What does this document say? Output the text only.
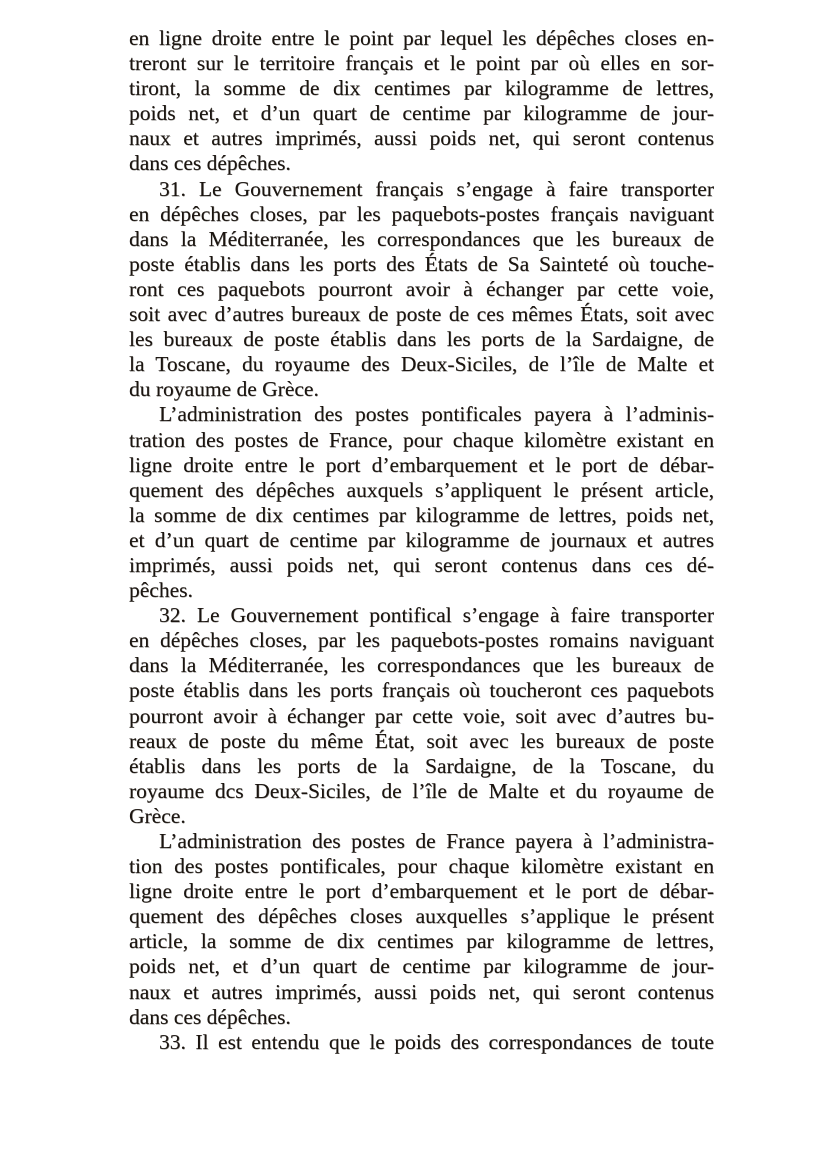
en ligne droite entre le point par lequel les dépêches closes en-
treront sur le territoire français et le point par où elles en sor-
tiront, la somme de dix centimes par kilogramme de lettres,
poids net, et d’un quart de centime par kilogramme de jour-
naux et autres imprimés, aussi poids net, qui seront contenus
dans ces dépêches.
31. Le Gouvernement français s’engage à faire transporter
en dépêches closes, par les paquebots-postes français naviguant
dans la Méditerranée, les correspondances que les bureaux de
poste établis dans les ports des États de Sa Sainteté où touche-
ront ces paquebots pourront avoir à échanger par cette voie,
soit avec d’autres bureaux de poste de ces mêmes États, soit avec
les bureaux de poste établis dans les ports de la Sardaigne, de
la Toscane, du royaume des Deux-Siciles, de l’île de Malte et
du royaume de Grèce.
L’administration des postes pontificales payera à l’adminis-
tration des postes de France, pour chaque kilomètre existant en
ligne droite entre le port d’embarquement et le port de débar-
quement des dépêches auxquels s’appliquent le présent article,
la somme de dix centimes par kilogramme de lettres, poids net,
et d’un quart de centime par kilogramme de journaux et autres
imprimés, aussi poids net, qui seront contenus dans ces dé-
pêches.
32. Le Gouvernement pontifical s’engage à faire transporter
en dépêches closes, par les paquebots-postes romains naviguant
dans la Méditerranée, les correspondances que les bureaux de
poste établis dans les ports français où toucheront ces paquebots
pourront avoir à échanger par cette voie, soit avec d’autres bu-
reaux de poste du même État, soit avec les bureaux de poste
établis dans les ports de la Sardaigne, de la Toscane, du
royaume dcs Deux-Siciles, de l’île de Malte et du royaume de
Grèce.
L’administration des postes de France payera à l’administra-
tion des postes pontificales, pour chaque kilomètre existant en
ligne droite entre le port d’embarquement et le port de débar-
quement des dépêches closes auxquelles s’applique le présent
article, la somme de dix centimes par kilogramme de lettres,
poids net, et d’un quart de centime par kilogramme de jour-
naux et autres imprimés, aussi poids net, qui seront contenus
dans ces dépêches.
33. Il est entendu que le poids des correspondances de toute
